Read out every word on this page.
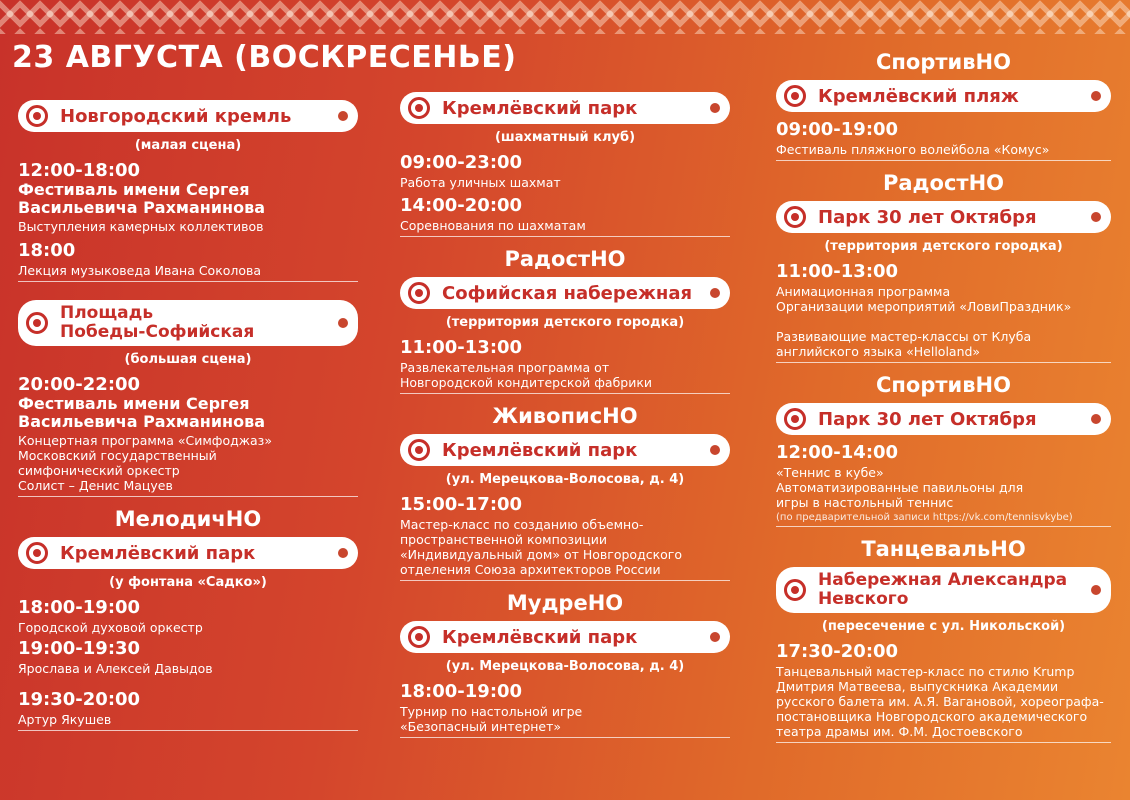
23 АВГУСТА (ВОСКРЕСЕНЬЕ)
Новгородский кремль
(малая сцена)
12:00-18:00
Фестиваль имени Сергея
Васильевича Рахманинова
Выступления камерных коллективов
18:00
Лекция музыковеда Ивана Соколова
Площадь
Победы-Софийская
(большая сцена)
20:00-22:00
Фестиваль имени Сергея
Васильевича Рахманинова
Концертная программа «Симфоджаз»
Московский государственный
симфонический оркестр
Солист – Денис Мацуев
МелодичНО
Кремлёвский парк
(у фонтана «Садко»)
18:00-19:00
Городской духовой оркестр
19:00-19:30
Ярослава и Алексей Давыдов
19:30-20:00
Артур Якушев
Кремлёвский парк
(шахматный клуб)
09:00-23:00
Работа уличных шахмат
14:00-20:00
Соревнования по шахматам
РадостНО
Софийская набережная
(территория детского городка)
11:00-13:00
Развлекательная программа от
Новгородской кондитерской фабрики
ЖивописНО
Кремлёвский парк
(ул. Мерецкова-Волосова, д. 4)
15:00-17:00
Мастер-класс по созданию объемно-
пространственной композиции
«Индивидуальный дом» от Новгородского
отделения Союза архитекторов России
МудреНО
Кремлёвский парк
(ул. Мерецкова-Волосова, д. 4)
18:00-19:00
Турнир по настольной игре
«Безопасный интернет»
СпортивНО
Кремлёвский пляж
09:00-19:00
Фестиваль пляжного волейбола «Комус»
РадостНО
Парк 30 лет Октября
(территория детского городка)
11:00-13:00
Анимационная программа
Организации мероприятий «ЛовиПраздник»

Развивающие мастер-классы от Клуба
английского языка «Helloland»
СпортивНО
Парк 30 лет Октября
12:00-14:00
«Теннис в кубе»
Автоматизированные павильоны для
игры в настольный теннис
(по предварительной записи https://vk.com/tennisvkybe)
ТанцевальНО
Набережная Александра
Невского
(пересечение с ул. Никольской)
17:30-20:00
Танцевальный мастер-класс по стилю Krump
Дмитрия Матвеева, выпускника Академии
русского балета им. А.Я. Вагановой, хореографа-
постановщика Новгородского академического
театра драмы им. Ф.М. Достоевского
